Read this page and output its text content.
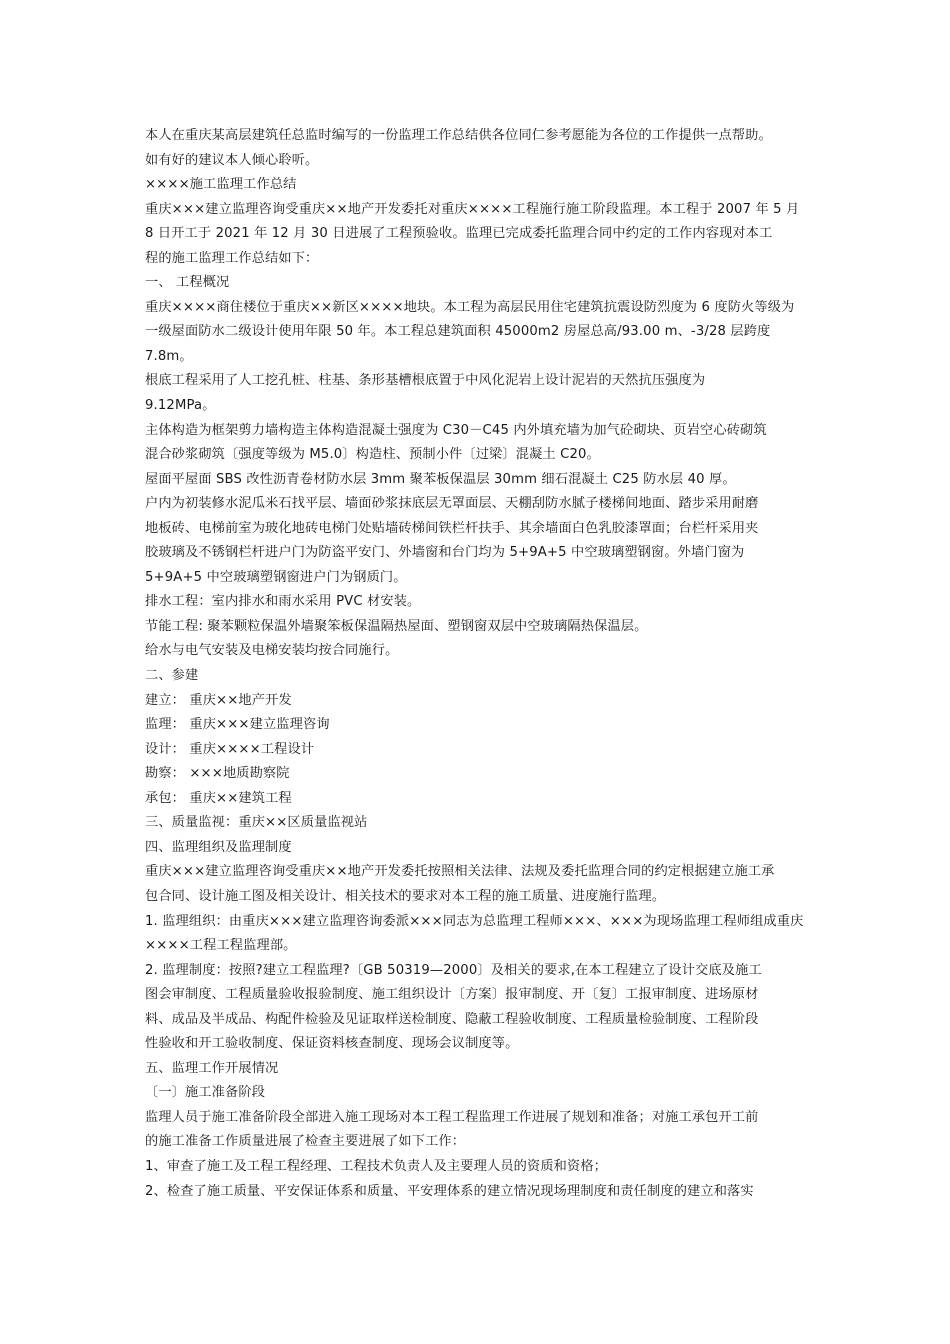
本人在重庆某高层建筑任总监时编写的一份监理工作总结供各位同仁参考愿能为各位的工作提供一点帮助。
如有好的建议本人倾心聆听。
××××施工监理工作总结
重庆×××建立监理咨询受重庆××地产开发委托对重庆××××工程施行施工阶段监理。本工程于 2007 年 5 月
8 日开工于 2021 年 12 月 30 日进展了工程预验收。监理已完成委托监理合同中约定的工作内容现对本工
程的施工监理工作总结如下：
一、 工程概况
重庆××××商住楼位于重庆××新区××××地块。本工程为高层民用住宅建筑抗震设防烈度为 6 度防火等级为
一级屋面防水二级设计使用年限 50 年。本工程总建筑面积 45000m2 房屋总高/93.00 m、-3/28 层跨度
7.8m。
根底工程采用了人工挖孔桩、柱基、条形基槽根底置于中风化泥岩上设计泥岩的天然抗压强度为
9.12MPa。
主体构造为框架剪力墙构造主体构造混凝土强度为 C30－C45 内外填充墙为加气砼砌块、页岩空心砖砌筑
混合砂浆砌筑〔强度等级为 M5.0〕构造柱、预制小件〔过梁〕混凝土 C20。
屋面平屋面 SBS 改性沥青卷材防水层 3mm 聚苯板保温层 30mm 细石混凝土 C25 防水层 40 厚。
户内为初装修水泥瓜米石找平层、墙面砂浆抹底层无罩面层、天棚刮防水腻子楼梯间地面、踏步采用耐磨
地板砖、电梯前室为玻化地砖电梯门处贴墙砖梯间铁栏杆扶手、其余墙面白色乳胶漆罩面；台栏杆采用夹
胶玻璃及不锈钢栏杆进户门为防盗平安门、外墙窗和台门均为 5+9A+5 中空玻璃塑钢窗。外墙门窗为
5+9A+5 中空玻璃塑钢窗进户门为钢质门。
排水工程：室内排水和雨水采用 PVC 材安装。
节能工程: 聚苯颗粒保温外墙聚笨板保温隔热屋面、塑钢窗双层中空玻璃隔热保温层。
给水与电气安装及电梯安装均按合同施行。
二、参建
建立： 重庆××地产开发
监理： 重庆×××建立监理咨询
设计： 重庆××××工程设计
勘察： ×××地质勘察院
承包： 重庆××建筑工程
三、质量监视：重庆××区质量监视站
四、监理组织及监理制度
重庆×××建立监理咨询受重庆××地产开发委托按照相关法律、法规及委托监理合同的约定根据建立施工承
包合同、设计施工图及相关设计、相关技术的要求对本工程的施工质量、进度施行监理。
1. 监理组织：由重庆×××建立监理咨询委派×××同志为总监理工程师×××、×××为现场监理工程师组成重庆
××××工程工程监理部。
2. 监理制度：按照?建立工程监理?〔GB 50319—2000〕及相关的要求,在本工程建立了设计交底及施工
图会审制度、工程质量验收报验制度、施工组织设计〔方案〕报审制度、开〔复〕工报审制度、进场原材
料、成品及半成品、构配件检验及见证取样送检制度、隐蔽工程验收制度、工程质量检验制度、工程阶段
性验收和开工验收制度、保证资料核查制度、现场会议制度等。
五、监理工作开展情况
〔一〕施工准备阶段
监理人员于施工准备阶段全部进入施工现场对本工程工程监理工作进展了规划和准备；对施工承包开工前
的施工准备工作质量进展了检查主要进展了如下工作：
1、审查了施工及工程工程经理、工程技术负责人及主要理人员的资质和资格；
2、检查了施工质量、平安保证体系和质量、平安理体系的建立情况现场理制度和责任制度的建立和落实
